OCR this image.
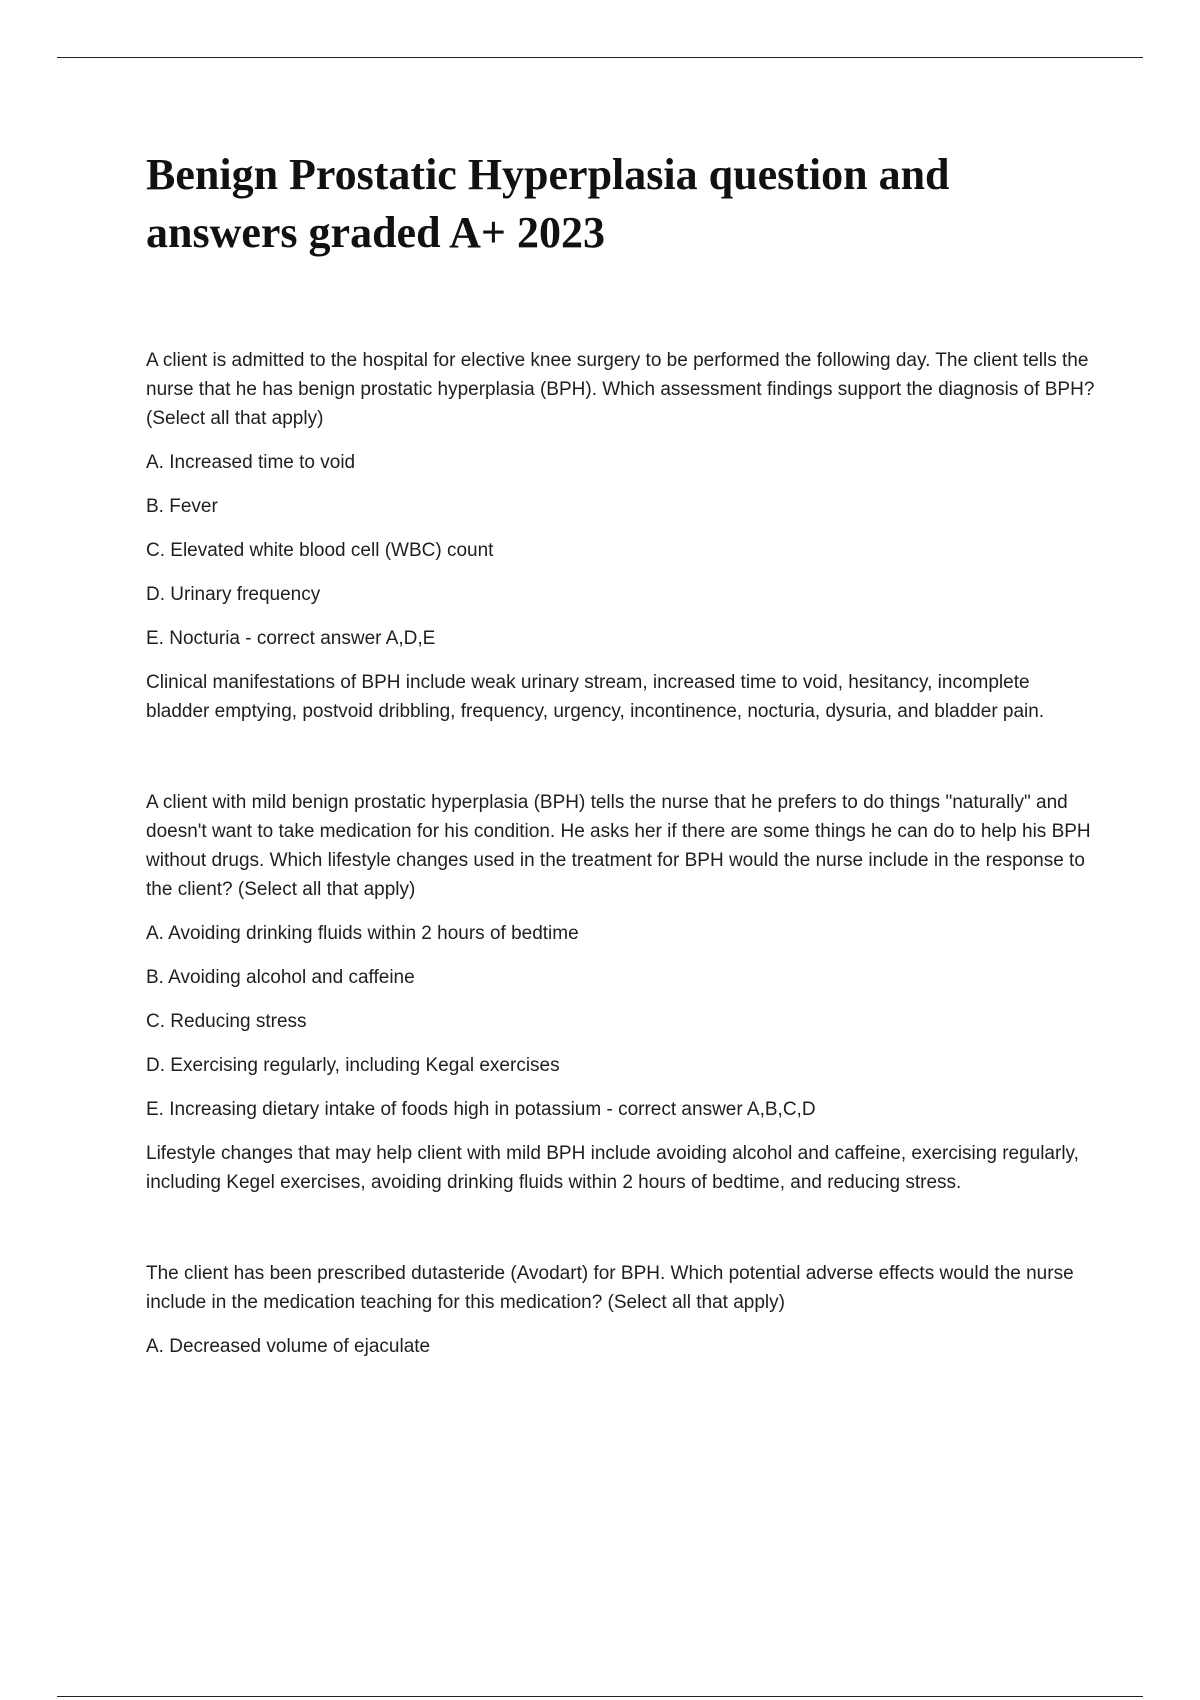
Benign Prostatic Hyperplasia question and answers graded A+ 2023

A client is admitted to the hospital for elective knee surgery to be performed the following day. The client tells the nurse that he has benign prostatic hyperplasia (BPH). Which assessment findings support the diagnosis of BPH? (Select all that apply)

A. Increased time to void

B. Fever

C. Elevated white blood cell (WBC) count

D. Urinary frequency

E. Nocturia - correct answer A,D,E

Clinical manifestations of BPH include weak urinary stream, increased time to void, hesitancy, incomplete bladder emptying, postvoid dribbling, frequency, urgency, incontinence, nocturia, dysuria, and bladder pain.

A client with mild benign prostatic hyperplasia (BPH) tells the nurse that he prefers to do things "naturally" and doesn't want to take medication for his condition. He asks her if there are some things he can do to help his BPH without drugs. Which lifestyle changes used in the treatment for BPH would the nurse include in the response to the client? (Select all that apply)

A. Avoiding drinking fluids within 2 hours of bedtime

B. Avoiding alcohol and caffeine

C. Reducing stress

D. Exercising regularly, including Kegal exercises

E. Increasing dietary intake of foods high in potassium - correct answer A,B,C,D

Lifestyle changes that may help client with mild BPH include avoiding alcohol and caffeine, exercising regularly, including Kegel exercises, avoiding drinking fluids within 2 hours of bedtime, and reducing stress.

The client has been prescribed dutasteride (Avodart) for BPH. Which potential adverse effects would the nurse include in the medication teaching for this medication? (Select all that apply)

A. Decreased volume of ejaculate
